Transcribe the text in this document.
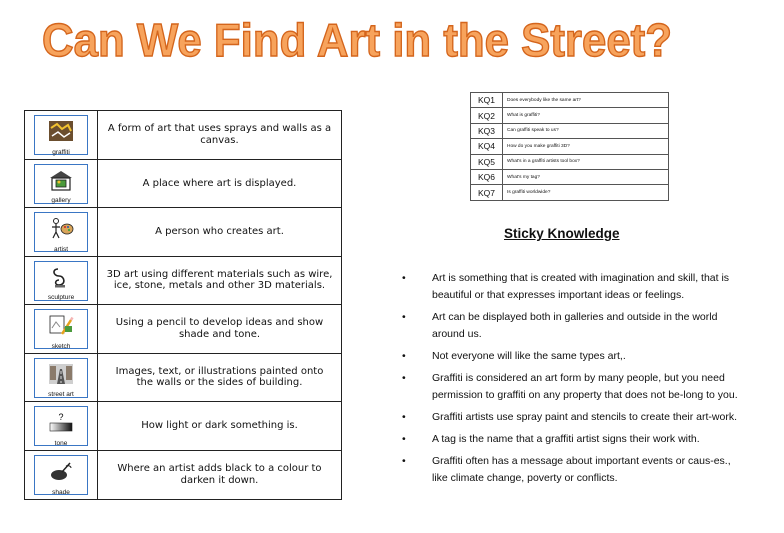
Can We Find Art in the Street?
graffiti
A form of art that uses sprays and walls as a canvas.
gallery
A place where art is displayed.
artist
A person who creates art.
sculpture
3D art using different materials such as wire, ice, stone, metals and other 3D materials.
sketch
Using a pencil to develop ideas and show shade and tone.
street art
Images, text, or illustrations painted onto the walls or the sides of building.
?
tone
How light or dark something is.
shade
Where an artist adds black to a colour to darken it down.
KQ1	Does everybody like the same art?
KQ2	What is graffiti?
KQ3	Can graffiti speak to us?
KQ4	How do you make graffiti 3D?
KQ5	What's in a graffiti artists tool box?
KQ6	What's my tag?
KQ7	Is graffiti worldwide?
Sticky Knowledge
•	Art is something that is created with imagination and skill, that is beautiful or that expresses important ideas or feelings.
•	Art can be displayed both in galleries and outside in the world around us.
•	Not everyone will like the same types art,.
•	Graffiti is considered an art form by many people, but you need permission to graffiti on any property that does not be-long to you.
•	Graffiti artists use spray paint and stencils to create their art-work.
•	A tag is the name that a graffiti artist signs their work with.
•	Graffiti often has a message about important events or caus-es., like climate change, poverty or conflicts.
